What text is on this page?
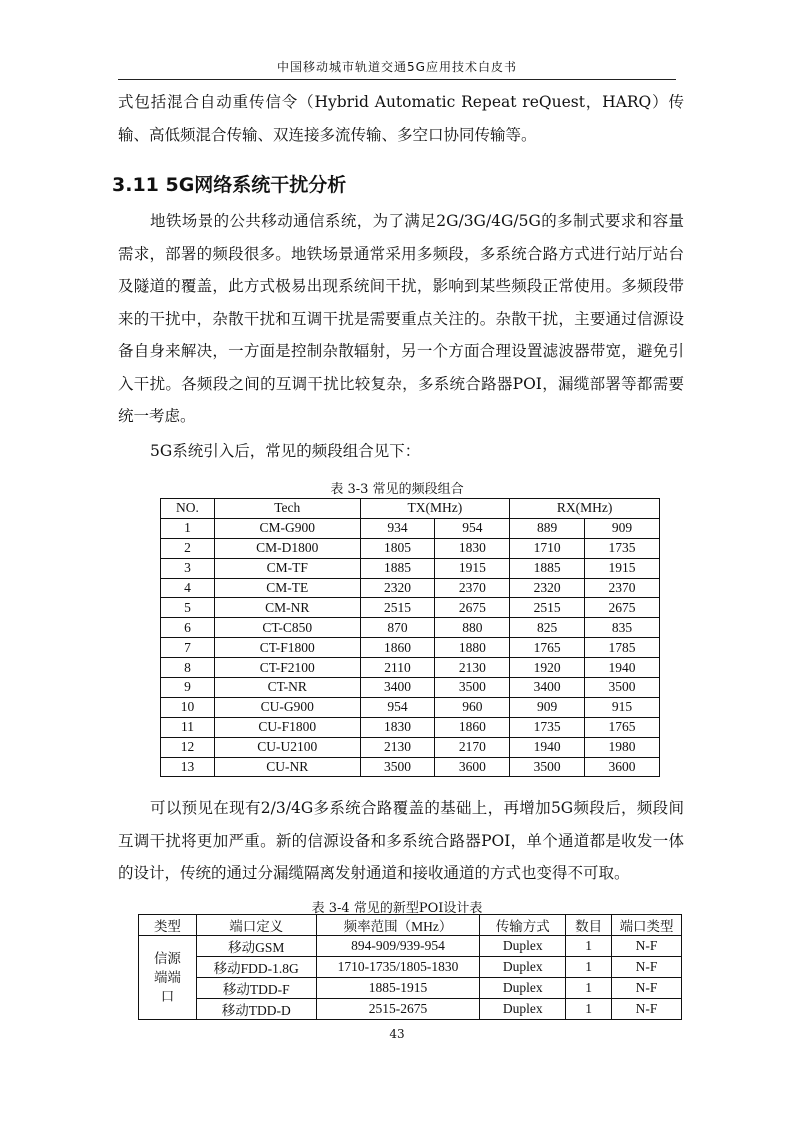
中国移动城市轨道交通5G应用技术白皮书

式包括混合自动重传信令（Hybrid Automatic Repeat reQuest，HARQ）传输、高低频混合传输、双连接多流传输、多空口协同传输等。

3.11 5G网络系统干扰分析

地铁场景的公共移动通信系统，为了满足2G/3G/4G/5G的多制式要求和容量需求，部署的频段很多。地铁场景通常采用多频段，多系统合路方式进行站厅站台及隧道的覆盖，此方式极易出现系统间干扰，影响到某些频段正常使用。多频段带来的干扰中，杂散干扰和互调干扰是需要重点关注的。杂散干扰，主要通过信源设备自身来解决，一方面是控制杂散辐射，另一个方面合理设置滤波器带宽，避免引入干扰。各频段之间的互调干扰比较复杂，多系统合路器POI，漏缆部署等都需要统一考虑。

5G系统引入后，常见的频段组合见下：

表 3-3 常见的频段组合
NO.	Tech	TX(MHz)		RX(MHz)	
1	CM-G900	934	954	889	909
2	CM-D1800	1805	1830	1710	1735
3	CM-TF	1885	1915	1885	1915
4	CM-TE	2320	2370	2320	2370
5	CM-NR	2515	2675	2515	2675
6	CT-C850	870	880	825	835
7	CT-F1800	1860	1880	1765	1785
8	CT-F2100	2110	2130	1920	1940
9	CT-NR	3400	3500	3400	3500
10	CU-G900	954	960	909	915
11	CU-F1800	1830	1860	1735	1765
12	CU-U2100	2130	2170	1940	1980
13	CU-NR	3500	3600	3500	3600

可以预见在现有2/3/4G多系统合路覆盖的基础上，再增加5G频段后，频段间互调干扰将更加严重。新的信源设备和多系统合路器POI，单个通道都是收发一体的设计，传统的通过分漏缆隔离发射通道和接收通道的方式也变得不可取。

表 3-4 常见的新型POI设计表
类型	端口定义	频率范围（MHz）	传输方式	数目	端口类型
信源
端端
口	移动GSM	894-909/939-954	Duplex	1	N-F
	移动FDD-1.8G	1710-1735/1805-1830	Duplex	1	N-F
	移动TDD-F	1885-1915	Duplex	1	N-F
	移动TDD-D	2515-2675	Duplex	1	N-F
43
